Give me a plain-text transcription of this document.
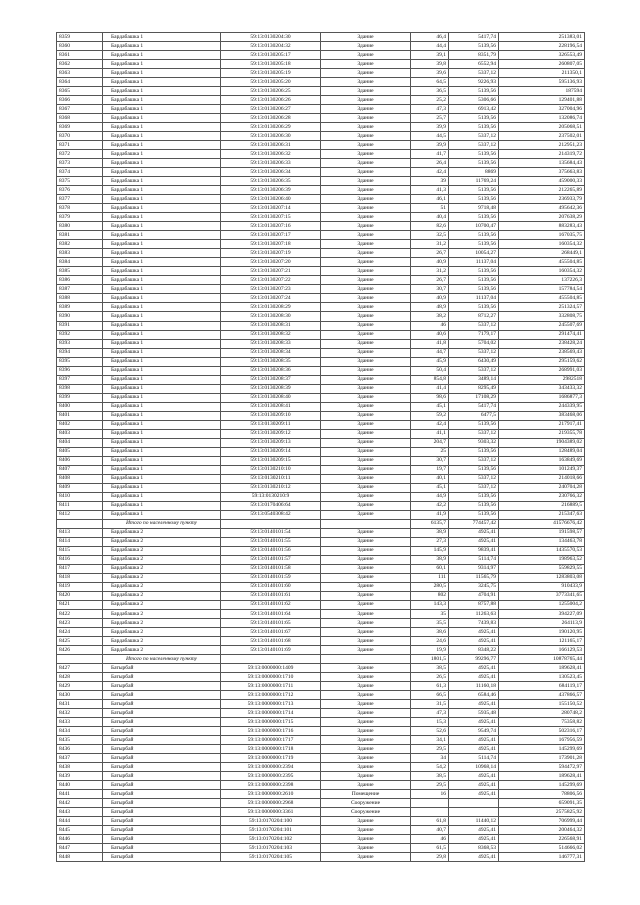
8359	Бардабашка 1	59:13:0130204:30	Здание	46,4	5417,74	251383,01
8360	Бардабашка 1	59:13:0130204:32	Здание	44,4	5139,56	228196,54
8361	Бардабашка 1	59:13:0130205:17	Здание	39,1	8351,79	326553,49
8362	Бардабашка 1	59:13:0130205:18	Здание	39,8	6552,94	260807,05
8363	Бардабашка 1	59:13:0130205:19	Здание	39,6	5337,12	211350,1
8364	Бардабашка 1	59:13:0130205:20	Здание	64,5	9226,93	595136,93
8365	Бардабашка 1	59:13:0130206:25	Здание	36,5	5139,56	187594
8366	Бардабашка 1	59:13:0130206:26	Здание	25,2	5306,66	129401,88
8367	Бардабашка 1	59:13:0130206:27	Здание	47,3	6913,42	327004,96
8368	Бардабашка 1	59:13:0130206:28	Здание	25,7	5139,56	132086,74
8369	Бардабашка 1	59:13:0130206:29	Здание	39,9	5139,56	205068,51
8370	Бардабашка 1	59:13:0130206:30	Здание	44,5	5337,12	237502,01
8371	Бардабашка 1	59:13:0130206:31	Здание	39,9	5337,12	212951,23
8372	Бардабашка 1	59:13:0130206:32	Здание	41,7	5139,56	214319,72
8373	Бардабашка 1	59:13:0130206:33	Здание	26,4	5139,56	135684,43
8374	Бардабашка 1	59:13:0130206:34	Здание	42,4	8869	375663,83
8375	Бардабашка 1	59:13:0130206:35	Здание	39	11769,24	459000,33
8376	Бардабашка 1	59:13:0130206:39	Здание	41,3	5139,56	212265,89
8377	Бардабашка 1	59:13:0130206:40	Здание	46,1	5139,56	236933,79
8378	Бардабашка 1	59:13:0130207:14	Здание	51	9718,48	495642,36
8379	Бардабашка 1	59:13:0130207:15	Здание	40,4	5139,56	207638,29
8380	Бардабашка 1	59:13:0130207:16	Здание	82,6	10700,47	883283,43
8381	Бардабашка 1	59:13:0130207:17	Здание	32,5	5139,56	167035,75
8382	Бардабашка 1	59:13:0130207:18	Здание	31,2	5139,56	160354,32
8383	Бардабашка 1	59:13:0130207:19	Здание	26,7	10054,27	268449,1
8384	Бардабашка 1	59:13:0130207:20	Здание	40,9	11137,04	455504,85
8385	Бардабашка 1	59:13:0130207:21	Здание	31,2	5139,56	160354,32
8386	Бардабашка 1	59:13:0130207:22	Здание	26,7	5139,56	137226,3
8387	Бардабашка 1	59:13:0130207:23	Здание	30,7	5139,56	157784,54
8388	Бардабашка 1	59:13:0130207:24	Здание	40,9	11137,04	455504,85
8389	Бардабашка 1	59:13:0130208:29	Здание	48,9	5139,56	251324,57
8390	Бардабашка 1	59:13:0130208:30	Здание	38,2	8712,27	332808,75
8391	Бардабашка 1	59:13:0130208:31	Здание	46	5337,12	245507,69
8392	Бардабашка 1	59:13:0130208:32	Здание	40,6	7179,17	291474,41
8393	Бардабашка 1	59:13:0130208:33	Здание	41,8	5704,02	238428,24
8394	Бардабашка 1	59:13:0130208:34	Здание	44,7	5337,12	238569,43
8395	Бардабашка 1	59:13:0130208:35	Здание	45,9	6430,49	295159,62
8396	Бардабашка 1	59:13:0130208:36	Здание	50,4	5337,12	268991,03
8397	Бардабашка 1	59:13:0130208:37	Здание	854,8	3489,14	2982518
8398	Бардабашка 1	59:13:0130208:39	Здание	41,4	8295,49	343433,32
8399	Бардабашка 1	59:13:0130208:40	Здание	98,6	17108,29	1686877,3
8400	Бардабашка 1	59:13:0130208:41	Здание	45,1	5417,74	244339,95
8401	Бардабашка 1	59:13:0130209:10	Здание	59,2	6477,5	383468,06
8402	Бардабашка 1	59:13:0130209:11	Здание	42,4	5139,56	217917,41
8403	Бардабашка 1	59:13:0130209:12	Здание	41,1	5337,12	219355,78
8404	Бардабашка 1	59:13:0130209:13	Здание	204,7	9303,32	1904389,02
8405	Бардабашка 1	59:13:0130209:14	Здание	25	5139,56	128489,04
8406	Бардабашка 1	59:13:0130209:15	Здание	30,7	5337,12	163849,69
8407	Бардабашка 1	59:13:0130210:10	Здание	19,7	5139,56	101249,37
8408	Бардабашка 1	59:13:0130210:11	Здание	40,1	5337,12	214018,66
8409	Бардабашка 1	59:13:0130210:12	Здание	45,1	5337,12	240704,28
8410	Бардабашка 1	59:13:0130210:9	Здание	44,9	5139,56	230766,32
8411	Бардабашка 1	59:13:0170406:64	Здание	42,2	5139,56	216889,5
8412	Бардабашка 1	59:13:0540308:42	Здание	41,9	5139,56	215347,63
	Итого по населенному пункту			6135,7	774457,42	41576676,42
8413	Бардабашка 2	59:13:0140101:54	Здание	38,9	4925,41	191598,57
8414	Бардабашка 2	59:13:0140101:55	Здание	27,3	4925,41	134463,78
8415	Бардабашка 2	59:13:0140101:56	Здание	145,9	9839,41	1435570,53
8416	Бардабашка 2	59:13:0140101:57	Здание	38,9	5114,74	198963,52
8417	Бардабашка 2	59:13:0140101:58	Здание	60,1	9314,97	559829,55
8418	Бардабашка 2	59:13:0140101:59	Здание	111	11565,79	1283803,08
8419	Бардабашка 2	59:13:0140101:60	Здание	280,5	3245,75	910433,9
8420	Бардабашка 2	59:13:0140101:61	Здание	802	4704,91	3773341,65
8421	Бардабашка 2	59:13:0140101:62	Здание	143,3	8757,88	1255004,2
8422	Бардабашка 2	59:13:0140101:64	Здание	35	11263,63	394227,09
8423	Бардабашка 2	59:13:0140101:65	Здание	35,5	7439,83	264113,9
8424	Бардабашка 2	59:13:0140101:67	Здание	38,6	4925,41	190120,95
8425	Бардабашка 2	59:13:0140101:68	Здание	24,6	4925,41	121165,17
8426	Бардабашка 2	59:13:0140101:69	Здание	19,9	8348,22	166129,53
	Итого по населенному пункту			1801,5	99296,77	10878765,44
8427	Батырбай	59:13:0000000:1409	Здание	38,5	4925,41	189628,41
8428	Батырбай	59:13:0000000:1710	Здание	26,5	4925,41	130523,45
8429	Батырбай	59:13:0000000:1711	Здание	61,3	11160,18	684119,17
8430	Батырбай	59:13:0000000:1712	Здание	66,5	6584,46	437866,57
8431	Батырбай	59:13:0000000:1713	Здание	31,5	4925,41	155150,52
8432	Батырбай	59:13:0000000:1714	Здание	47,3	5935,48	280748,2
8433	Батырбай	59:13:0000000:1715	Здание	15,3	4925,41	75358,82
8434	Батырбай	59:13:0000000:1716	Здание	52,6	9549,74	502316,17
8435	Батырбай	59:13:0000000:1717	Здание	34,1	4925,41	167956,59
8436	Батырбай	59:13:0000000:1718	Здание	29,5	4925,41	145299,69
8437	Батырбай	59:13:0000000:1719	Здание	34	5114,74	173901,28
8438	Батырбай	59:13:0000000:2394	Здание	54,2	10968,14	594472,97
8439	Батырбай	59:13:0000000:2395	Здание	38,5	4925,41	189628,41
8440	Батырбай	59:13:0000000:2398	Здание	29,5	4925,41	145299,69
8441	Батырбай	59:13:0000000:2610	Помещение	16	4925,41	78806,56
8442	Батырбай	59:13:0000000:2968	Сооружение			659091,35
8443	Батырбай	59:13:0000000:3361	Сооружение			2575825,92
8444	Батырбай	59:13:0170204:100	Здание	61,8	11440,12	706999,44
8445	Батырбай	59:13:0170204:101	Здание	40,7	4925,41	200464,32
8446	Батырбай	59:13:0170204:102	Здание	46	4925,41	226568,91
8447	Батырбай	59:13:0170204:103	Здание	61,5	8368,53	514666,02
8448	Батырбай	59:13:0170204:105	Здание	29,8	4925,41	146777,31
